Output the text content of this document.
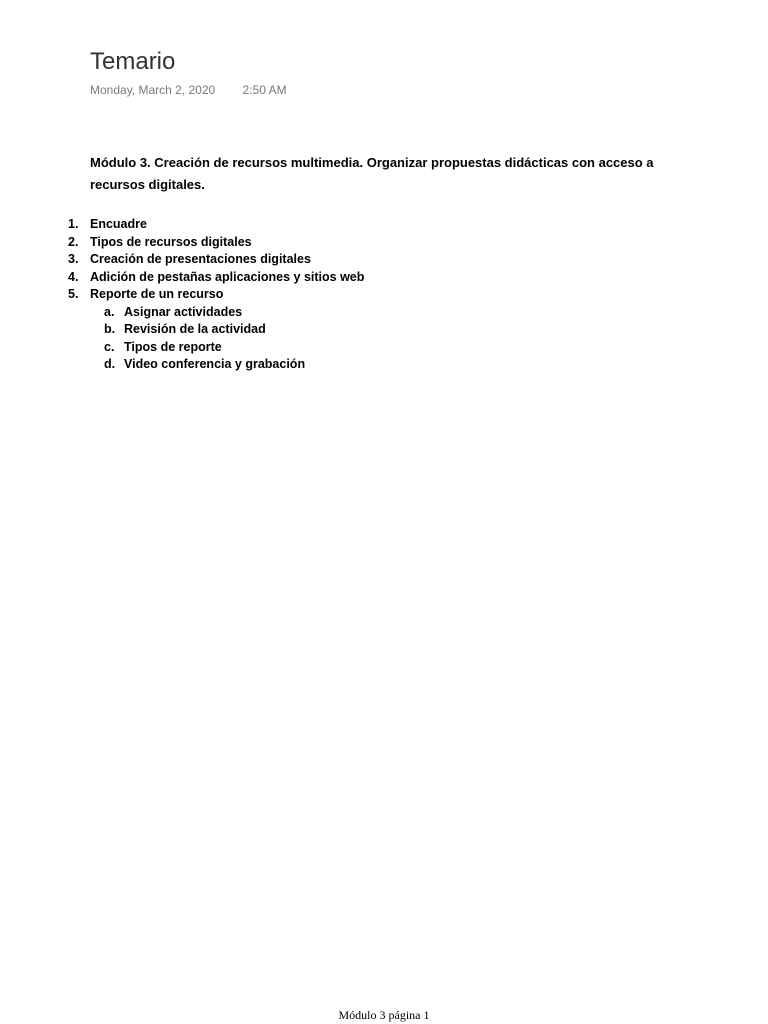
Temario
Monday, March 2, 2020 2:50 AM

Módulo 3. Creación de recursos multimedia. Organizar propuestas didácticas con acceso a recursos digitales.

1. Encuadre
2. Tipos de recursos digitales
3. Creación de presentaciones digitales
4. Adición de pestañas aplicaciones y sitios web
5. Reporte de un recurso
a. Asignar actividades
b. Revisión de la actividad
c. Tipos de reporte
d. Video conferencia y grabación
Módulo 3 página 1
